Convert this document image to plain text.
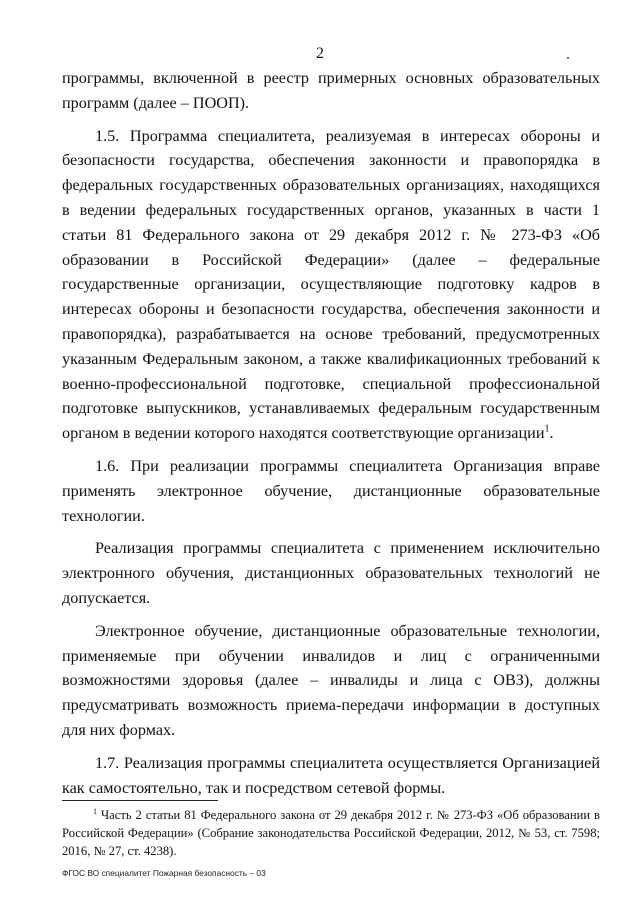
2

программы, включенной в реестр примерных основных образовательных программ (далее – ПООП).

1.5. Программа специалитета, реализуемая в интересах обороны и безопасности государства, обеспечения законности и правопорядка в федеральных государственных образовательных организациях, находящихся в ведении федеральных государственных органов, указанных в части 1 статьи 81 Федерального закона от 29 декабря 2012 г. № 273-ФЗ «Об образовании в Российской Федерации» (далее – федеральные государственные организации, осуществляющие подготовку кадров в интересах обороны и безопасности государства, обеспечения законности и правопорядка), разрабатывается на основе требований, предусмотренных указанным Федеральным законом, а также квалификационных требований к военно-профессиональной подготовке, специальной профессиональной подготовке выпускников, устанавливаемых федеральным государственным органом в ведении которого находятся соответствующие организации$^1$.

1.6. При реализации программы специалитета Организация вправе применять электронное обучение, дистанционные образовательные технологии.

Реализация программы специалитета с применением исключительно электронного обучения, дистанционных образовательных технологий не допускается.

Электронное обучение, дистанционные образовательные технологии, применяемые при обучении инвалидов и лиц с ограниченными возможностями здоровья (далее – инвалиды и лица с ОВЗ), должны предусматривать возможность приема-передачи информации в доступных для них формах.

1.7. Реализация программы специалитета осуществляется Организацией как самостоятельно, так и посредством сетевой формы.

$^1$ Часть 2 статьи 81 Федерального закона от 29 декабря 2012 г. № 273-ФЗ «Об образовании в Российской Федерации» (Собрание законодательства Российской Федерации, 2012, № 53, ст. 7598; 2016, № 27, ст. 4238).

ФГОС ВО специалитет Пожарная безопасность – 03
